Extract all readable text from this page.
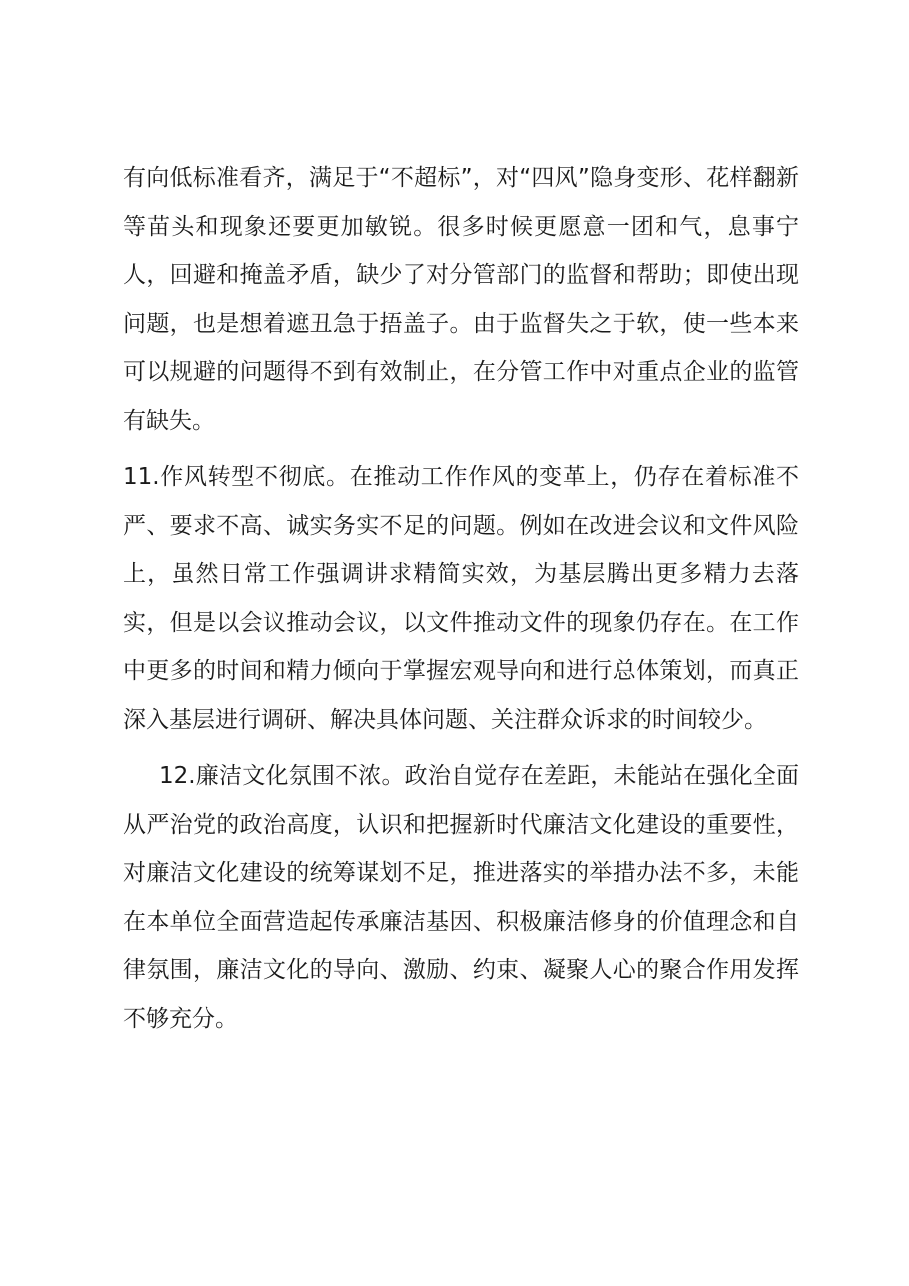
有向低标准看齐，满足于“不超标”，对“四风”隐身变形、花样翻新等苗头和现象还要更加敏锐。很多时候更愿意一团和气，息事宁人，回避和掩盖矛盾，缺少了对分管部门的监督和帮助；即使出现问题，也是想着遮丑急于捂盖子。由于监督失之于软，使一些本来可以规避的问题得不到有效制止，在分管工作中对重点企业的监管有缺失。

11.作风转型不彻底。在推动工作作风的变革上，仍存在着标准不严、要求不高、诚实务实不足的问题。例如在改进会议和文件风险上，虽然日常工作强调讲求精简实效，为基层腾出更多精力去落实，但是以会议推动会议，以文件推动文件的现象仍存在。在工作中更多的时间和精力倾向于掌握宏观导向和进行总体策划，而真正深入基层进行调研、解决具体问题、关注群众诉求的时间较少。

12.廉洁文化氛围不浓。政治自觉存在差距，未能站在强化全面从严治党的政治高度，认识和把握新时代廉洁文化建设的重要性，对廉洁文化建设的统筹谋划不足，推进落实的举措办法不多，未能在本单位全面营造起传承廉洁基因、积极廉洁修身的价值理念和自律氛围，廉洁文化的导向、激励、约束、凝聚人心的聚合作用发挥不够充分。
